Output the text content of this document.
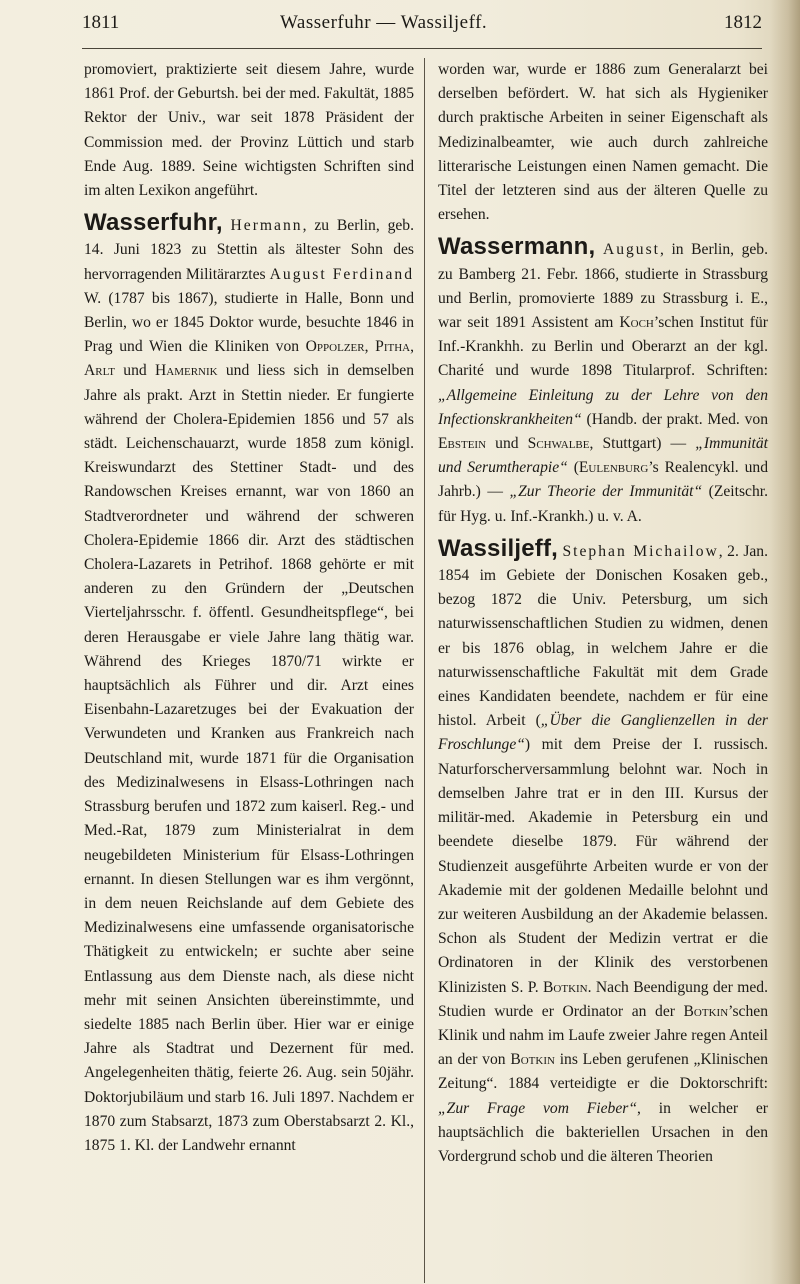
1811	Wasserfuhr — Wassiljeff.	1812

promoviert, praktizierte seit diesem Jahre, wurde 1861 Prof. der Geburtsh. bei der med. Fakultät, 1885 Rektor der Univ., war seit 1878 Präsident der Commission med. der Provinz Lüttich und starb Ende Aug. 1889. Seine wichtigsten Schriften sind im alten Lexikon angeführt.

Wasserfuhr, Hermann, zu Berlin, geb. 14. Juni 1823 zu Stettin als ältester Sohn des hervorragenden Militärarztes August Ferdinand W. (1787 bis 1867), studierte in Halle, Bonn und Berlin, wo er 1845 Doktor wurde, besuchte 1846 in Prag und Wien die Kliniken von Oppolzer, Pitha, Arlt und Hamernik und liess sich in demselben Jahre als prakt. Arzt in Stettin nieder. Er fungierte während der Cholera-Epidemien 1856 und 57 als städt. Leichenschauarzt, wurde 1858 zum königl. Kreiswundarzt des Stettiner Stadt- und des Randowschen Kreises ernannt, war von 1860 an Stadtverordneter und während der schweren Cholera-Epidemie 1866 dir. Arzt des städtischen Cholera-Lazarets in Petrihof. 1868 gehörte er mit anderen zu den Gründern der „Deutschen Vierteljahrsschr. f. öffentl. Gesundheitspflege“, bei deren Herausgabe er viele Jahre lang thätig war. Während des Krieges 1870/71 wirkte er hauptsächlich als Führer und dir. Arzt eines Eisenbahn-Lazaretzuges bei der Evakuation der Verwundeten und Kranken aus Frankreich nach Deutschland mit, wurde 1871 für die Organisation des Medizinalwesens in Elsass-Lothringen nach Strassburg berufen und 1872 zum kaiserl. Reg.- und Med.-Rat, 1879 zum Ministerialrat in dem neugebildeten Ministerium für Elsass-Lothringen ernannt. In diesen Stellungen war es ihm vergönnt, in dem neuen Reichslande auf dem Gebiete des Medizinalwesens eine umfassende organisatorische Thätigkeit zu entwickeln; er suchte aber seine Entlassung aus dem Dienste nach, als diese nicht mehr mit seinen Ansichten übereinstimmte, und siedelte 1885 nach Berlin über. Hier war er einige Jahre als Stadtrat und Dezernent für med. Angelegenheiten thätig, feierte 26. Aug. sein 50jähr. Doktorjubiläum und starb 16. Juli 1897. Nachdem er 1870 zum Stabsarzt, 1873 zum Oberstabsarzt 2. Kl., 1875 1. Kl. der Landwehr ernannt

worden war, wurde er 1886 zum Generalarzt bei derselben befördert. W. hat sich als Hygieniker durch praktische Arbeiten in seiner Eigenschaft als Medizinalbeamter, wie auch durch zahlreiche litterarische Leistungen einen Namen gemacht. Die Titel der letzteren sind aus der älteren Quelle zu ersehen.

Wassermann, August, in Berlin, geb. zu Bamberg 21. Febr. 1866, studierte in Strassburg und Berlin, promovierte 1889 zu Strassburg i. E., war seit 1891 Assistent am Koch’schen Institut für Inf.-Krankhh. zu Berlin und Oberarzt an der kgl. Charité und wurde 1898 Titularprof. Schriften: „Allgemeine Einleitung zu der Lehre von den Infectionskrankheiten“ (Handb. der prakt. Med. von Ebstein und Schwalbe, Stuttgart) — „Immunität und Serumtherapie“ (Eulenburg’s Realencykl. und Jahrb.) — „Zur Theorie der Immunität“ (Zeitschr. für Hyg. u. Inf.-Krankh.) u. v. A.

Wassiljeff, Stephan Michailow, 2. Jan. 1854 im Gebiete der Donischen Kosaken geb., bezog 1872 die Univ. Petersburg, um sich naturwissenschaftlichen Studien zu widmen, denen er bis 1876 oblag, in welchem Jahre er die naturwissenschaftliche Fakultät mit dem Grade eines Kandidaten beendete, nachdem er für eine histol. Arbeit („Über die Ganglienzellen in der Froschlunge“) mit dem Preise der I. russisch. Naturforscherversammlung belohnt war. Noch in demselben Jahre trat er in den III. Kursus der militär-med. Akademie in Petersburg ein und beendete dieselbe 1879. Für während der Studienzeit ausgeführte Arbeiten wurde er von der Akademie mit der goldenen Medaille belohnt und zur weiteren Ausbildung an der Akademie belassen. Schon als Student der Medizin vertrat er die Ordinatoren in der Klinik des verstorbenen Klinizisten S. P. Botkin. Nach Beendigung der med. Studien wurde er Ordinator an der Botkin’schen Klinik und nahm im Laufe zweier Jahre regen Anteil an der von Botkin ins Leben gerufenen „Klinischen Zeitung“. 1884 verteidigte er die Doktorschrift: „Zur Frage vom Fieber“, in welcher er hauptsächlich die bakteriellen Ursachen in den Vordergrund schob und die älteren Theorien
